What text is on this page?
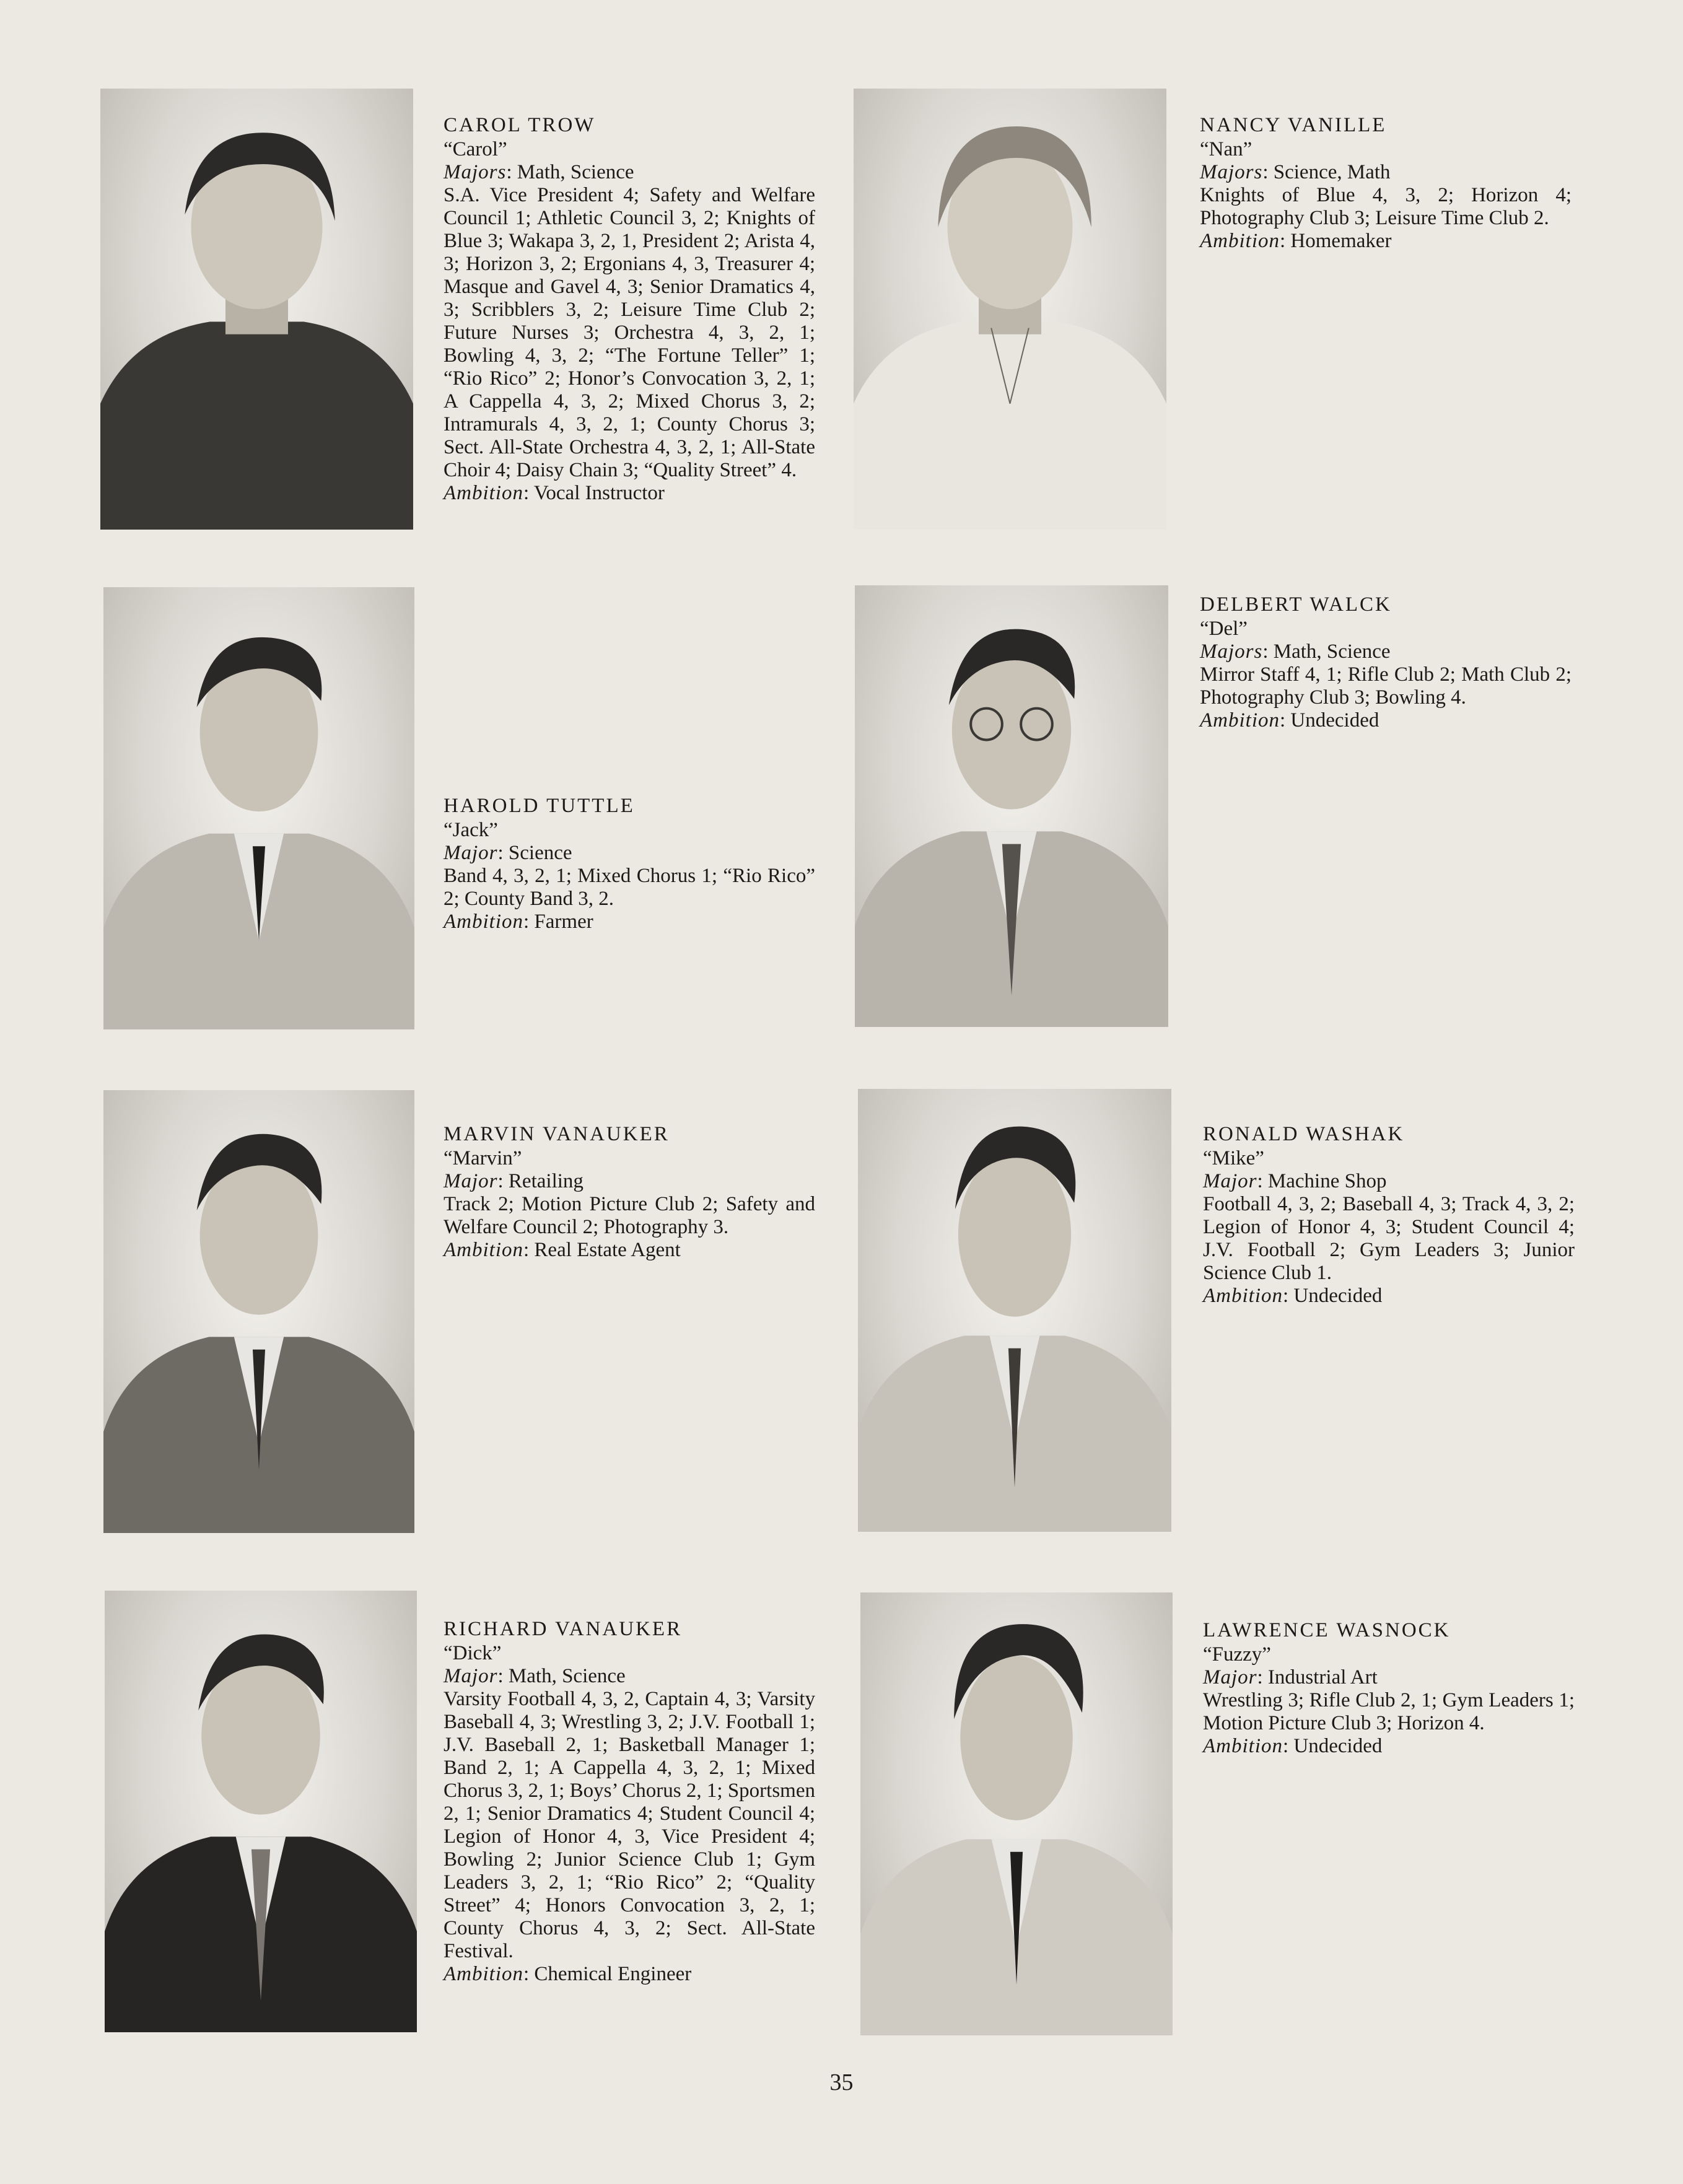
CAROL TROW

“Carol”

Majors: Math, Science

S.A. Vice President 4; Safety and Welfare Council 1; Athletic Council 3, 2; Knights of Blue 3; Wakapa 3, 2, 1, President 2; Arista 4, 3; Horizon 3, 2; Ergonians 4, 3, Treasurer 4; Masque and Gavel 4, 3; Senior Dramatics 4, 3; Scribblers 3, 2; Leisure Time Club 2; Future Nurses 3; Orchestra 4, 3, 2, 1; Bowling 4, 3, 2; “The Fortune Teller” 1; “Rio Rico” 2; Honor’s Convocation 3, 2, 1; A Cappella 4, 3, 2; Mixed Chorus 3, 2; Intramurals 4, 3, 2, 1; County Chorus 3; Sect. All-State Orchestra 4, 3, 2, 1; All-State Choir 4; Daisy Chain 3; “Quality Street” 4.

Ambition: Vocal Instructor

NANCY VANILLE

“Nan”

Majors: Science, Math

Knights of Blue 4, 3, 2; Horizon 4; Photography Club 3; Leisure Time Club 2.

Ambition: Homemaker

HAROLD TUTTLE

“Jack”

Major: Science

Band 4, 3, 2, 1; Mixed Chorus 1; “Rio Rico” 2; County Band 3, 2.

Ambition: Farmer

DELBERT WALCK

“Del”

Majors: Math, Science

Mirror Staff 4, 1; Rifle Club 2; Math Club 2; Photography Club 3; Bowling 4.

Ambition: Undecided

MARVIN VANAUKER

“Marvin”

Major: Retailing

Track 2; Motion Picture Club 2; Safety and Welfare Council 2; Photography 3.

Ambition: Real Estate Agent

RONALD WASHAK

“Mike”

Major: Machine Shop

Football 4, 3, 2; Baseball 4, 3; Track 4, 3, 2; Legion of Honor 4, 3; Student Council 4; J.V. Football 2; Gym Leaders 3; Junior Science Club 1.

Ambition: Undecided

RICHARD VANAUKER

“Dick”

Major: Math, Science

Varsity Football 4, 3, 2, Captain 4, 3; Varsity Baseball 4, 3; Wrestling 3, 2; J.V. Football 1; J.V. Baseball 2, 1; Basketball Manager 1; Band 2, 1; A Cappella 4, 3, 2, 1; Mixed Chorus 3, 2, 1; Boys’ Chorus 2, 1; Sportsmen 2, 1; Senior Dramatics 4; Student Council 4; Legion of Honor 4, 3, Vice President 4; Bowling 2; Junior Science Club 1; Gym Leaders 3, 2, 1; “Rio Rico” 2; “Quality Street” 4; Honors Convocation 3, 2, 1; County Chorus 4, 3, 2; Sect. All-State Festival.

Ambition: Chemical Engineer

LAWRENCE WASNOCK

“Fuzzy”

Major: Industrial Art

Wrestling 3; Rifle Club 2, 1; Gym Leaders 1; Motion Picture Club 3; Horizon 4.

Ambition: Undecided

35
